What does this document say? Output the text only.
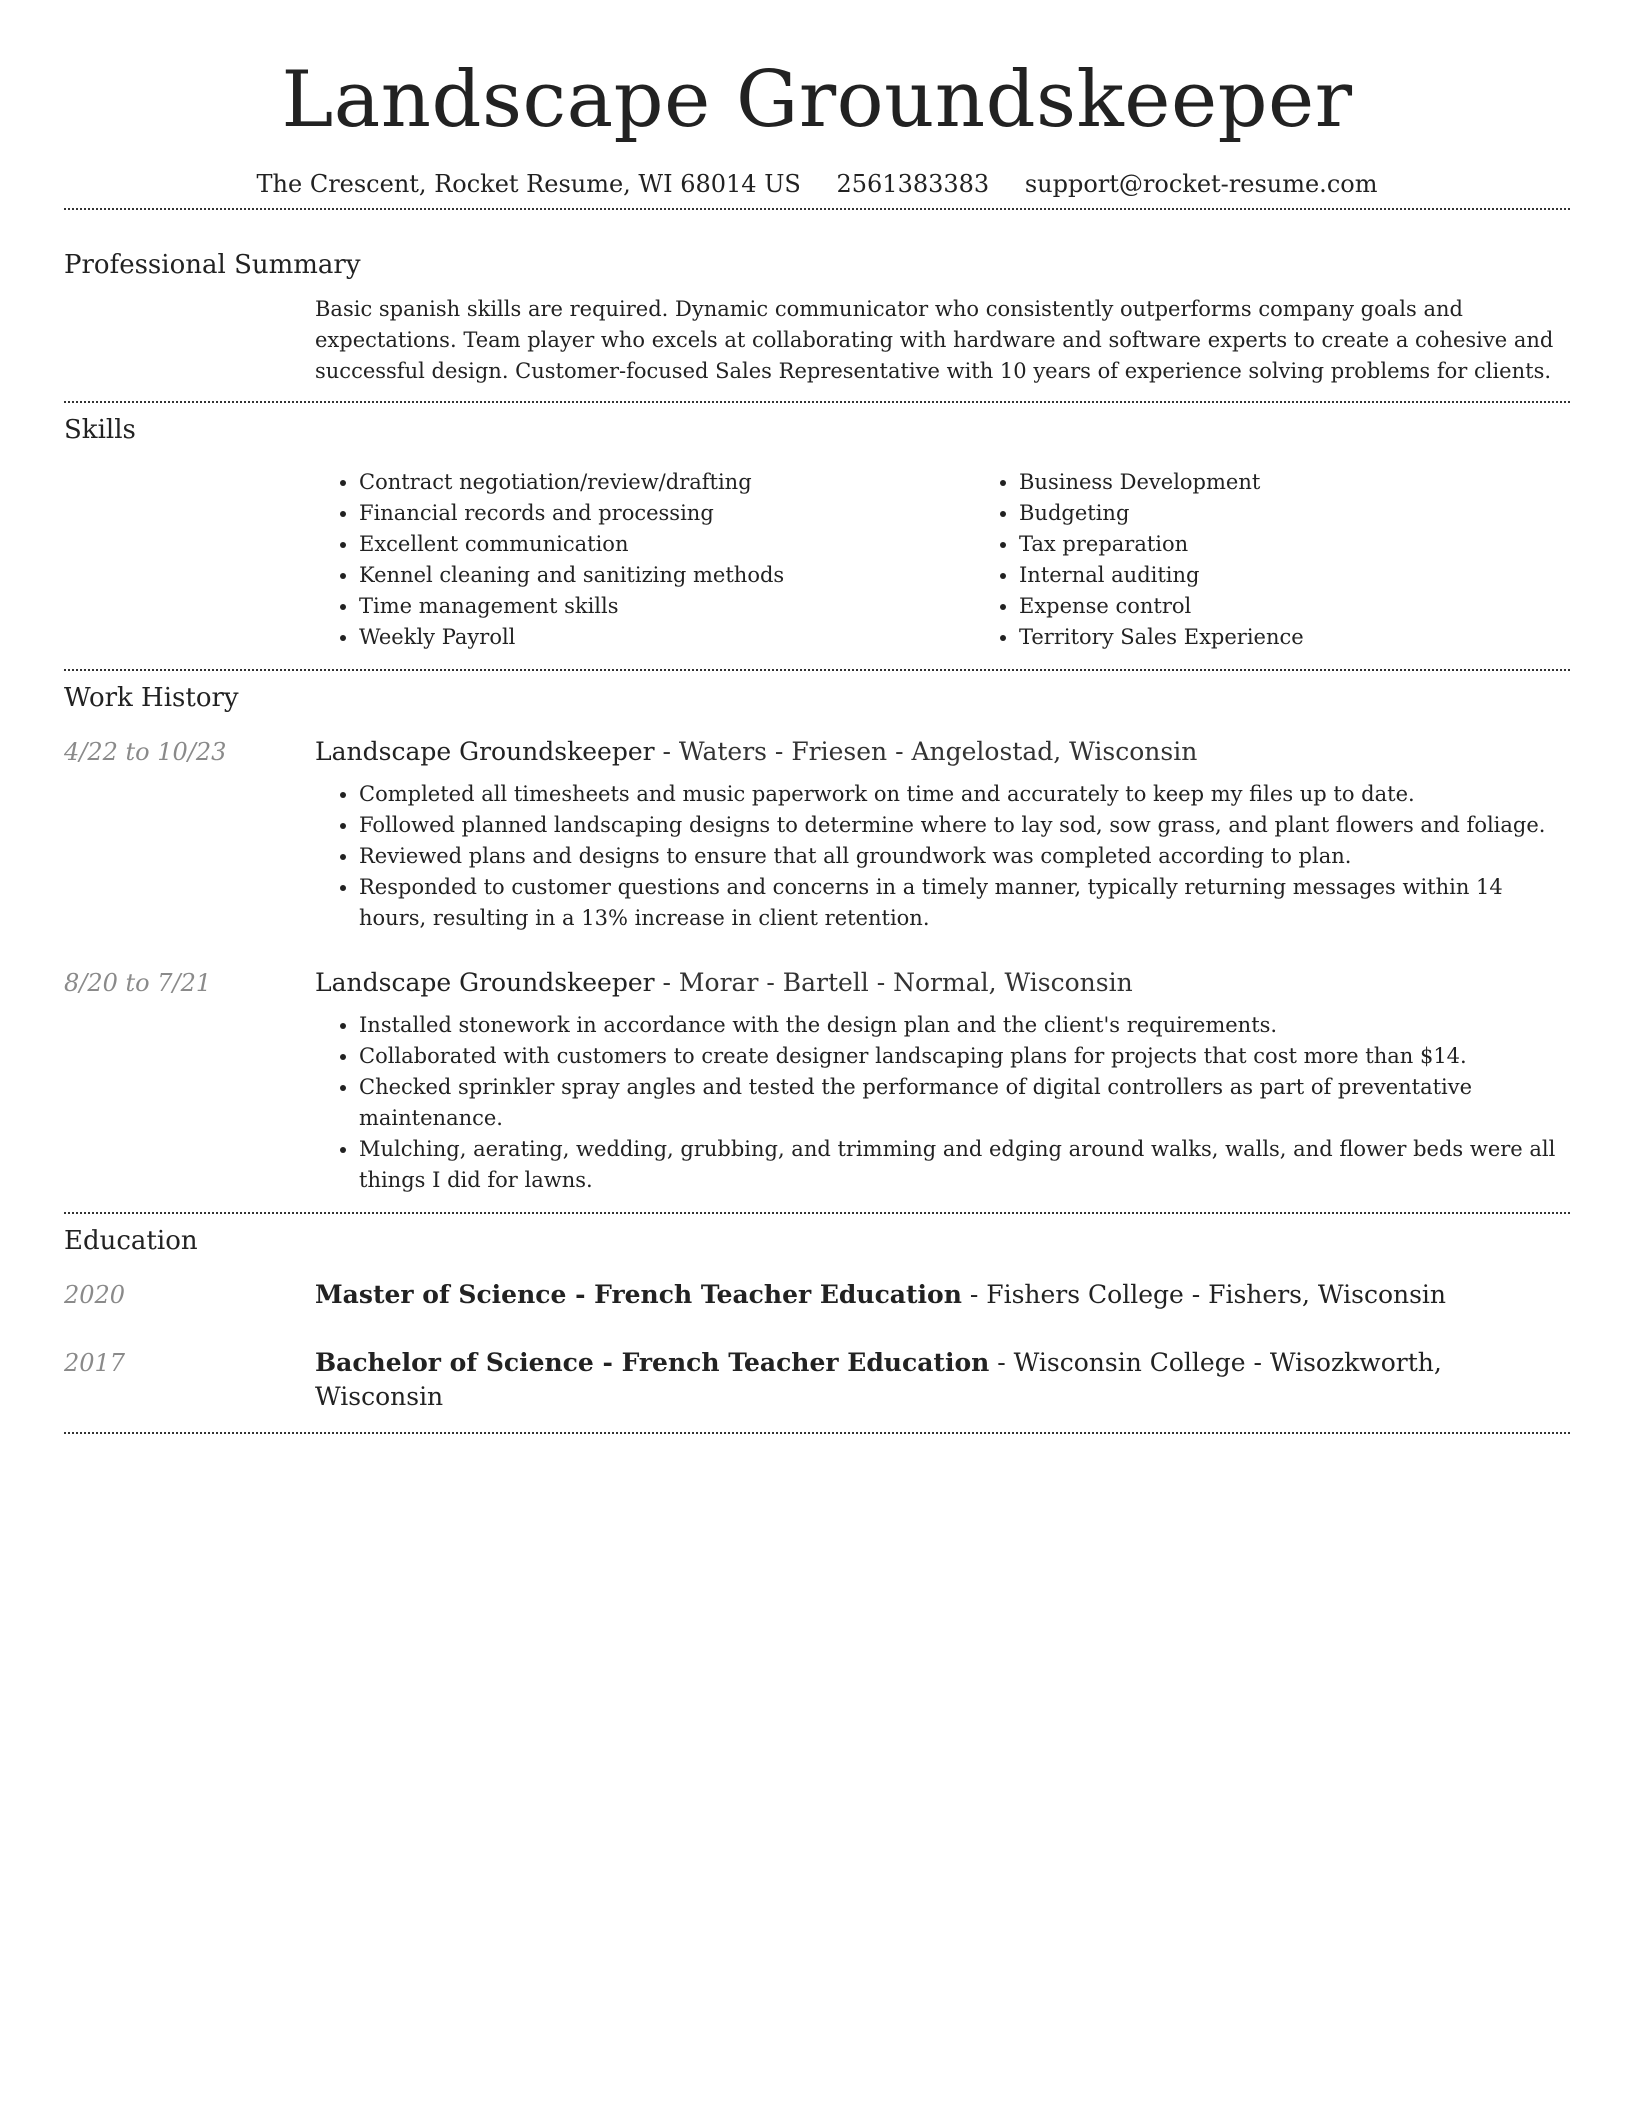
Landscape Groundskeeper
The Crescent, Rocket Resume, WI 68014 US 2561383383 support@rocket-resume.com
Professional Summary

Basic spanish skills are required. Dynamic communicator who consistently outperforms company goals and expectations. Team player who excels at collaborating with hardware and software experts to create a cohesive and successful design. Customer-focused Sales Representative with 10 years of experience solving problems for clients.

Skills
• Contract negotiation/review/drafting
• Financial records and processing
• Excellent communication
• Kennel cleaning and sanitizing methods
• Time management skills
• Weekly Payroll
• Business Development
• Budgeting
• Tax preparation
• Internal auditing
• Expense control
• Territory Sales Experience
Work History
4/22 to 10/23	Landscape Groundskeeper - Waters - Friesen - Angelostad, Wisconsin
• Completed all timesheets and music paperwork on time and accurately to keep my files up to date.
• Followed planned landscaping designs to determine where to lay sod, sow grass, and plant flowers and foliage.
• Reviewed plans and designs to ensure that all groundwork was completed according to plan.
• Responded to customer questions and concerns in a timely manner, typically returning messages within 14 hours, resulting in a 13% increase in client retention.
8/20 to 7/21	Landscape Groundskeeper - Morar - Bartell - Normal, Wisconsin
• Installed stonework in accordance with the design plan and the client's requirements.
• Collaborated with customers to create designer landscaping plans for projects that cost more than $14.
• Checked sprinkler spray angles and tested the performance of digital controllers as part of preventative maintenance.
• Mulching, aerating, wedding, grubbing, and trimming and edging around walks, walls, and flower beds were all things I did for lawns.
Education
2020	Master of Science - French Teacher Education - Fishers College - Fishers, Wisconsin
2017	Bachelor of Science - French Teacher Education - Wisconsin College - Wisozkworth, Wisconsin
